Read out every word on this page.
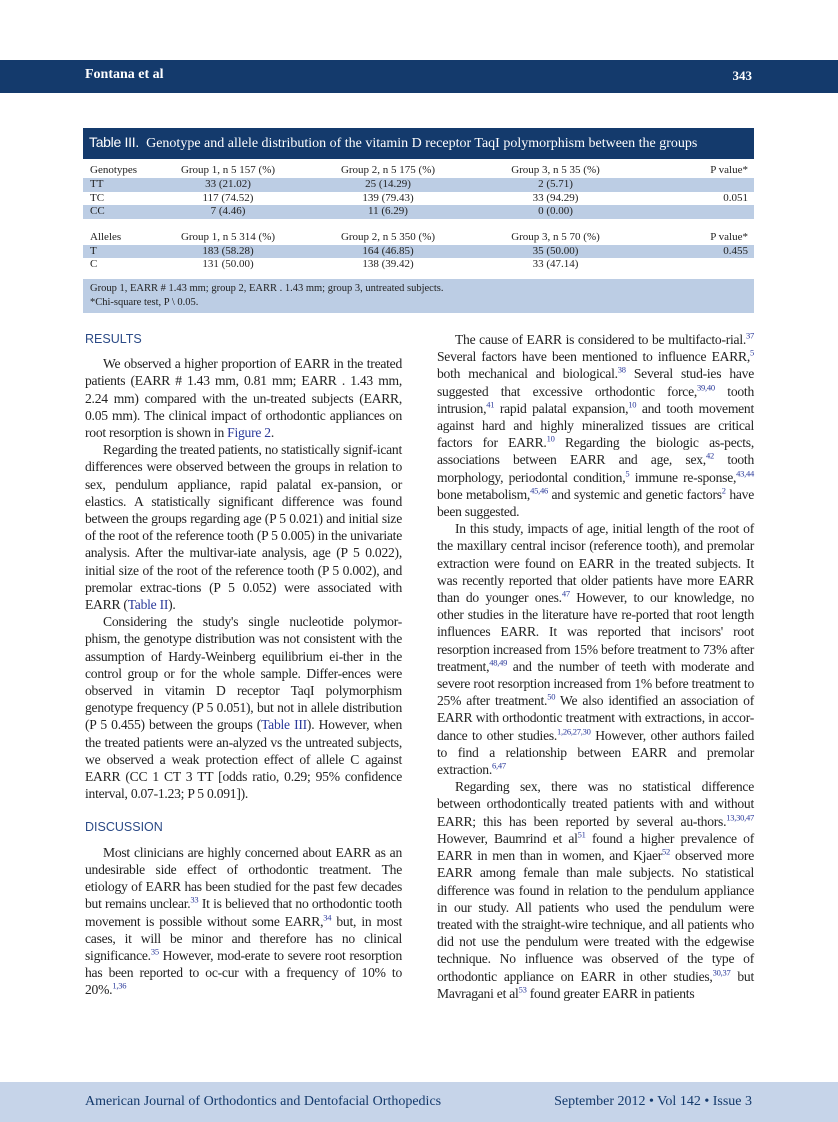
Fontana et al	343
Table III. Genotype and allele distribution of the vitamin D receptor TaqI polymorphism between the groups
Genotypes	Group 1, n 5 157 (%)	Group 2, n 5 175 (%)	Group 3, n 5 35 (%)	P value*
TT	33 (21.02)	25 (14.29)	2 (5.71)
TC	117 (74.52)	139 (79.43)	33 (94.29)	0.051
CC	7 (4.46)	11 (6.29)	0 (0.00)
Alleles	Group 1, n 5 314 (%)	Group 2, n 5 350 (%)	Group 3, n 5 70 (%)	P value*
T	183 (58.28)	164 (46.85)	35 (50.00)	0.455
C	131 (50.00)	138 (39.42)	33 (47.14)
Group 1, EARR # 1.43 mm; group 2, EARR . 1.43 mm; group 3, untreated subjects.
*Chi-square test, P \ 0.05.

RESULTS

We observed a higher proportion of EARR in the treated patients (EARR # 1.43 mm, 0.81 mm; EARR . 1.43 mm, 2.24 mm) compared with the un-treated subjects (EARR, 0.05 mm). The clinical impact of orthodontic appliances on root resorption is shown in Figure 2.

Regarding the treated patients, no statistically signif-icant differences were observed between the groups in relation to sex, pendulum appliance, rapid palatal ex-pansion, or elastics. A statistically significant difference was found between the groups regarding age (P 5 0.021) and initial size of the root of the reference tooth (P 5 0.005) in the univariate analysis. After the multivar-iate analysis, age (P 5 0.022), initial size of the root of the reference tooth (P 5 0.002), and premolar extrac-tions (P 5 0.052) were associated with EARR (Table II).

Considering the study's single nucleotide polymor-phism, the genotype distribution was not consistent with the assumption of Hardy-Weinberg equilibrium ei-ther in the control group or for the whole sample. Differ-ences were observed in vitamin D receptor TaqI polymorphism genotype frequency (P 5 0.051), but not in allele distribution (P 5 0.455) between the groups (Table III). However, when the treated patients were an-alyzed vs the untreated subjects, we observed a weak protection effect of allele C against EARR (CC 1 CT 3 TT [odds ratio, 0.29; 95% confidence interval, 0.07-1.23; P 5 0.091]).

DISCUSSION

Most clinicians are highly concerned about EARR as an undesirable side effect of orthodontic treatment. The etiology of EARR has been studied for the past few decades but remains unclear.$^{33}$ It is believed that no orthodontic tooth movement is possible without some EARR,$^{34}$ but, in most cases, it will be minor and therefore has no clinical significance.$^{35}$ However, mod-erate to severe root resorption has been reported to oc-cur with a frequency of 10% to 20%.$^{1,36}$

The cause of EARR is considered to be multifacto-rial.$^{37}$ Several factors have been mentioned to influence EARR,$^5$ both mechanical and biological.$^{38}$ Several stud-ies have suggested that excessive orthodontic force,$^{39,40}$ tooth intrusion,$^{41}$ rapid palatal expansion,$^{10}$ and tooth movement against hard and highly mineralized tissues are critical factors for EARR.$^{10}$ Regarding the biologic as-pects, associations between EARR and age, sex,$^{42}$ tooth morphology, periodontal condition,$^5$ immune re-sponse,$^{43,44}$ bone metabolism,$^{45,46}$ and systemic and genetic factors$^2$ have been suggested.

In this study, impacts of age, initial length of the root of the maxillary central incisor (reference tooth), and premolar extraction were found on EARR in the treated subjects. It was recently reported that older patients have more EARR than do younger ones.$^{47}$ However, to our knowledge, no other studies in the literature have re-ported that root length influences EARR. It was reported that incisors' root resorption increased from 15% before treatment to 73% after treatment,$^{48,49}$ and the number of teeth with moderate and severe root resorption increased from 1% before treatment to 25% after treatment.$^{50}$ We also identified an association of EARR with orthodontic treatment with extractions, in accor-dance to other studies.$^{1,26,27,30}$ However, other authors failed to find a relationship between EARR and premolar extraction.$^{6,47}$

Regarding sex, there was no statistical difference between orthodontically treated patients with and without EARR; this has been reported by several au-thors.$^{13,30,47}$ However, Baumrind et $al^{51}$ found a higher prevalence of EARR in men than in women, and Kjaer$^{52}$ observed more EARR among female than male subjects. No statistical difference was found in relation to the pendulum appliance in our study. All patients who used the pendulum were treated with the straight-wire technique, and all patients who did not use the pendulum were treated with the edgewise technique. No influence was observed of the type of orthodontic appliance on EARR in other studies,$^{30,37}$ but Mavragani et $al^{53}$ found greater EARR in patients

American Journal of Orthodontics and Dentofacial Orthopedics	September 2012 • Vol 142 • Issue 3
